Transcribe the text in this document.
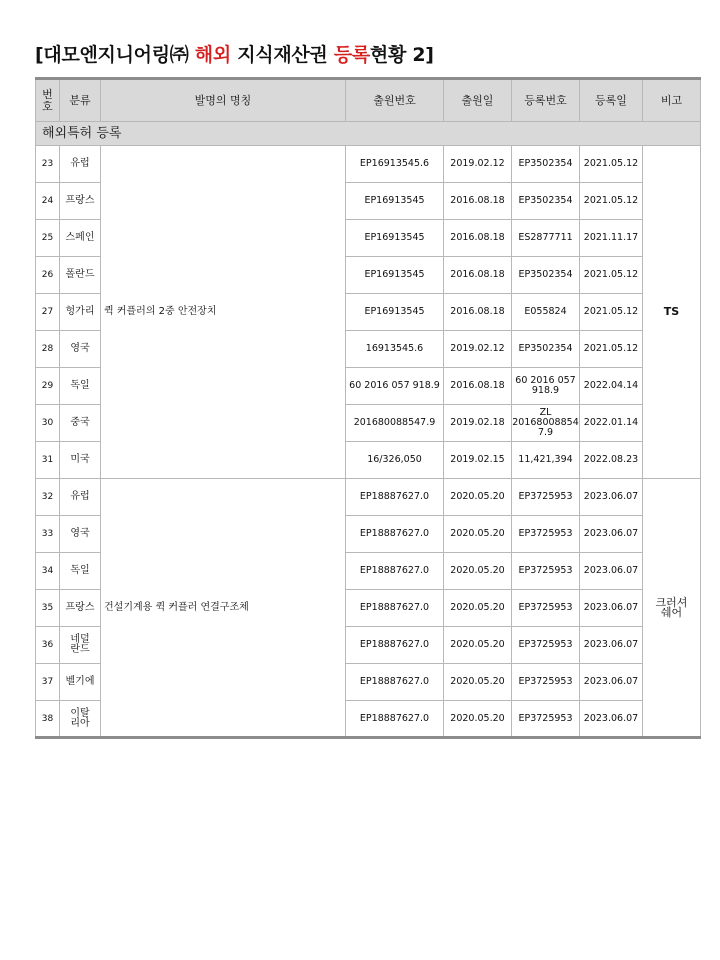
[대모엔지니어링㈜ 해외 지식재산권 등록현황 2]
번
호	분류	발명의 명칭	출원번호	출원일	등록번호	등록일	비고
해외특허 등록							
23	유럽	퀵 커플러의 2중 안전장치	EP16913545.6	2019.02.12	EP3502354	2021.05.12	TS
24	프랑스		EP16913545	2016.08.18	EP3502354	2021.05.12	
25	스페인		EP16913545	2016.08.18	ES2877711	2021.11.17	
26	폴란드		EP16913545	2016.08.18	EP3502354	2021.05.12	
27	헝가리		EP16913545	2016.08.18	E055824	2021.05.12	
28	영국		16913545.6	2019.02.12	EP3502354	2021.05.12	
29	독일		60 2016 057 918.9	2016.08.18	60 2016 057
918.9	2022.04.14	
30	중국		201680088547.9	2019.02.18	ZL
20168008854
7.9	2022.01.14	
31	미국		16/326,050	2019.02.15	11,421,394	2022.08.23	
32	유럽	건설기계용 퀵 커플러 연결구조체	EP18887627.0	2020.05.20	EP3725953	2023.06.07	크러셔
쉐어
33	영국		EP18887627.0	2020.05.20	EP3725953	2023.06.07	
34	독일		EP18887627.0	2020.05.20	EP3725953	2023.06.07	
35	프랑스		EP18887627.0	2020.05.20	EP3725953	2023.06.07	
36	네덜
란드		EP18887627.0	2020.05.20	EP3725953	2023.06.07	
37	벨기에		EP18887627.0	2020.05.20	EP3725953	2023.06.07	
38	이탈
리아		EP18887627.0	2020.05.20	EP3725953	2023.06.07	
